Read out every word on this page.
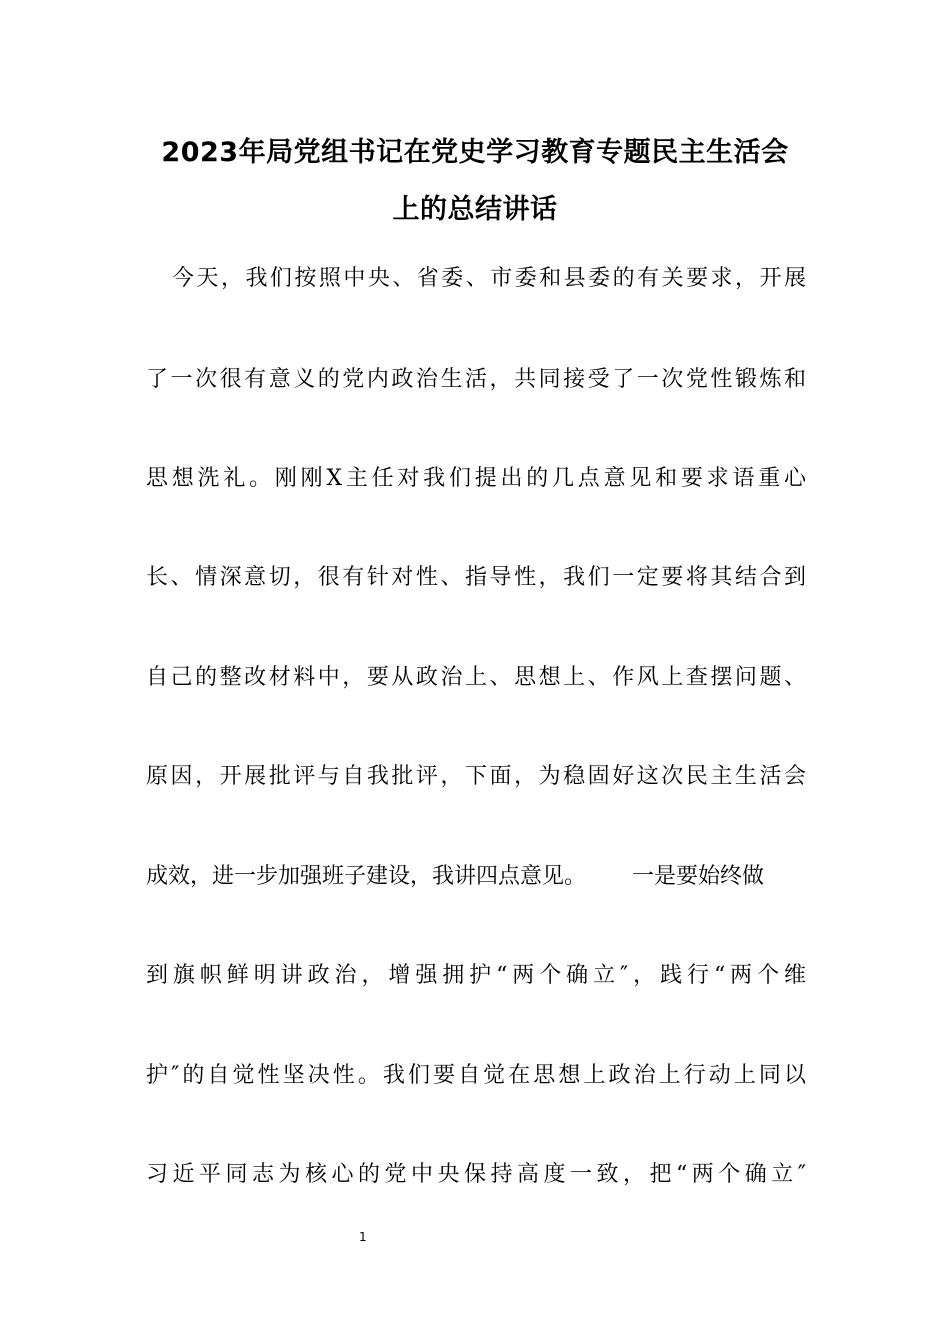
2023年局党组书记在党史学习教育专题民主生活会
上的总结讲话
今天，我们按照中央、省委、市委和县委的有关要求，开展
了一次很有意义的党内政治生活，共同接受了一次党性锻炼和
思想洗礼。刚刚X主任对我们提出的几点意见和要求语重心
长、情深意切，很有针对性、指导性，我们一定要将其结合到
自己的整改材料中，要从政治上、思想上、作风上查摆问题、
原因，开展批评与自我批评，下面，为稳固好这次民主生活会
成效，进一步加强班子建设，我讲四点意见。 一是要始终做
到旗帜鲜明讲政治，增强拥护“两个确立″，践行“两个维
护″的自觉性坚决性。我们要自觉在思想上政治上行动上同以
习近平同志为核心的党中央保持高度一致，把“两个确立″
1
